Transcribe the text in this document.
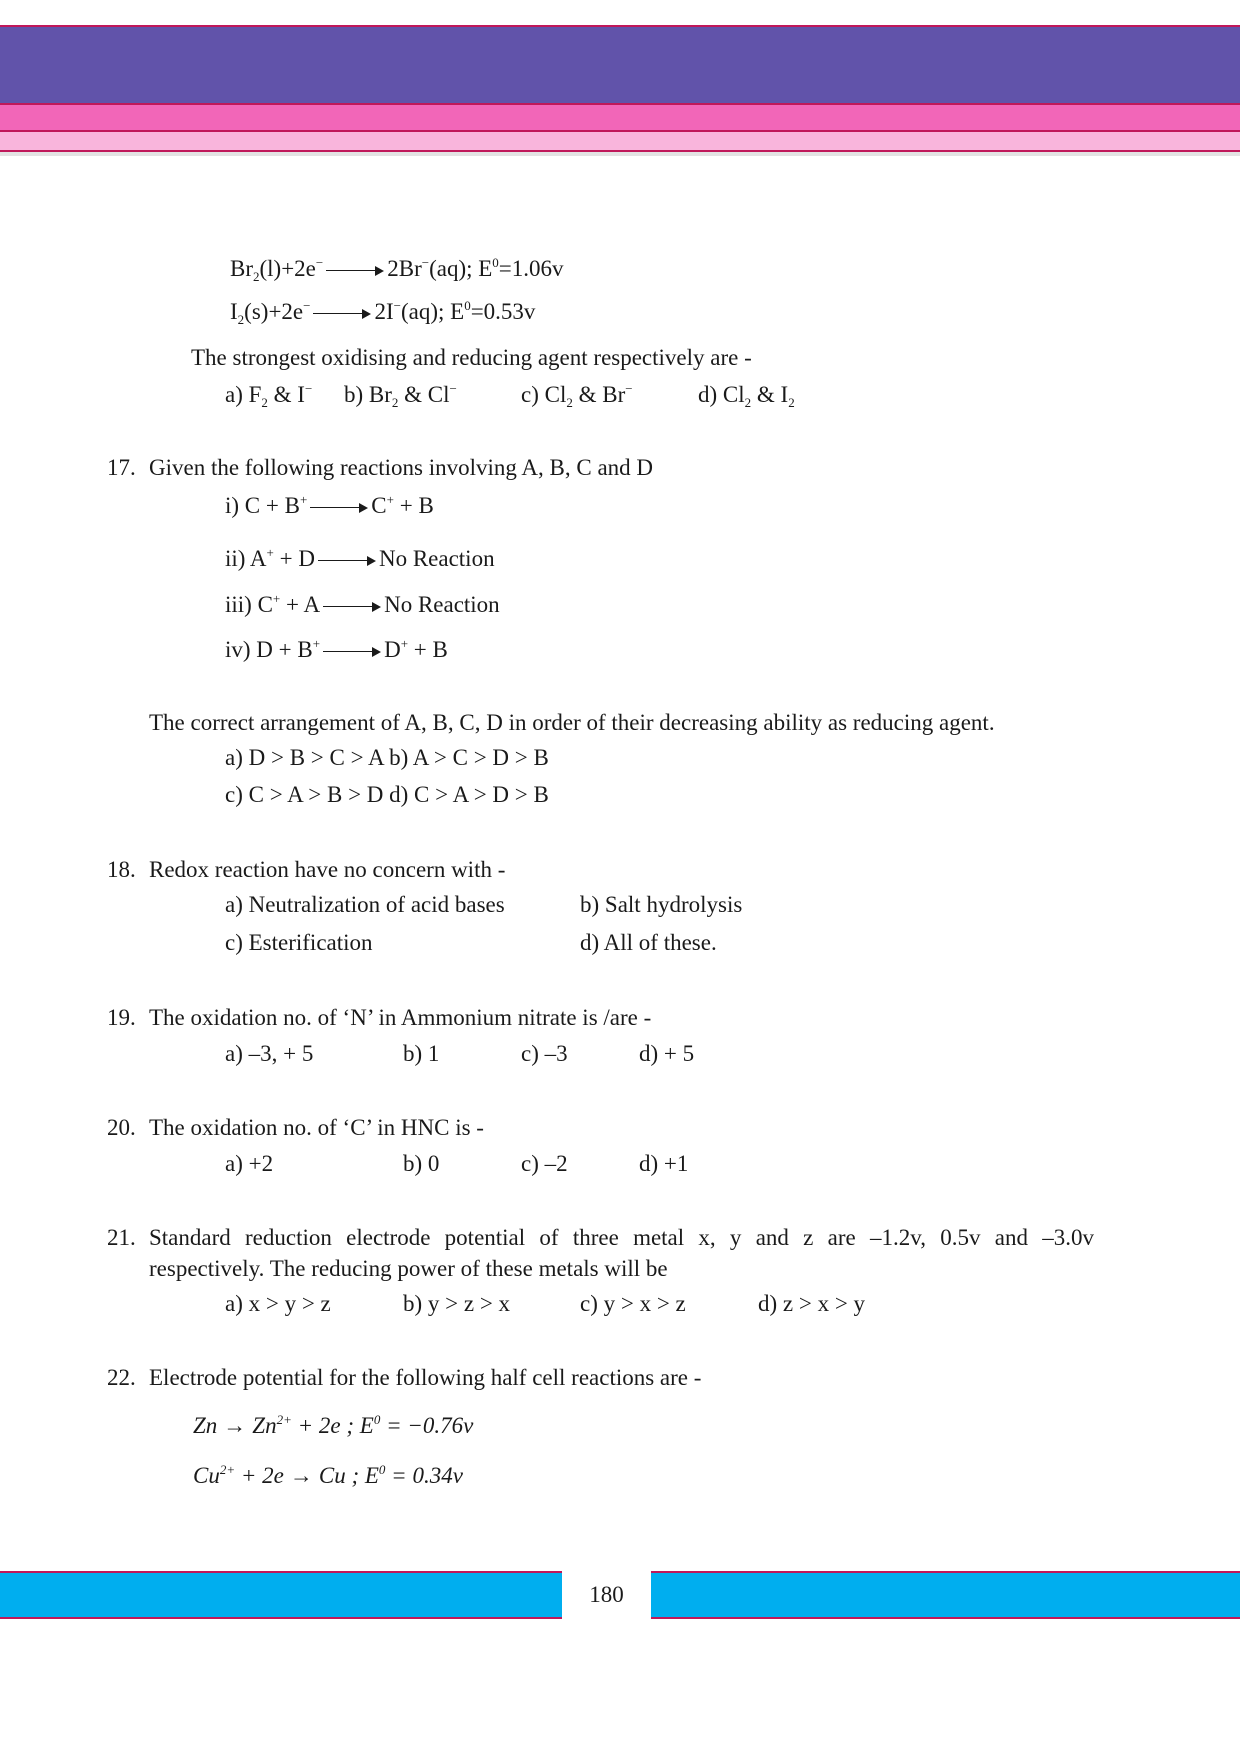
$Br_2(l)+2e^-$	2Br−(aq); $E^0=1.06v$
$I_2(s)+2e^-$	2I−(aq); $E^0=0.53v$
The strongest oxidising and reducing agent respectively are -
a) $F_2$ & I− b) $Br_2$ & Cl−	c) $Cl_2$ & Br−	d) $Cl_2$ & $I_2$
17. Given the following reactions involving A, B, C and D
i) C + B+	C+ + B
ii) A+ + D	No Reaction
iii) C+ + A	No Reaction
iv) D + B+	D+ + B
The correct arrangement of A, B, C, D in order of their decreasing ability as reducing agent.
a) D > B > C > A b) A > C > D > B
c) C > A > B > D d) C > A > D > B
18. Redox reaction have no concern with -
a) Neutralization of acid bases	b) Salt hydrolysis
c) Esterification	d) All of these.
19. The oxidation no. of ‘N’ in Ammonium nitrate is /are -
a) –3, + 5	b) 1	c) –3	d) + 5
20. The oxidation no. of ‘C’ in HNC is -
a) +2	b) 0	c) –2	d) +1
21. Standard reduction electrode potential of three metal x, y and z are –1.2v, 0.5v and –3.0v
respectively. The reducing power of these metals will be
a) x > y > z	b) y > z > x	c) y > x > z	d) z > x > y
22. Electrode potential for the following half cell reactions are -
$Zn \to Zn^{2+} + 2e$ ; $E^0 = -0.76v$
$Cu^{2+} + 2e \to Cu$ ; $E^0 = 0.34v$
180
